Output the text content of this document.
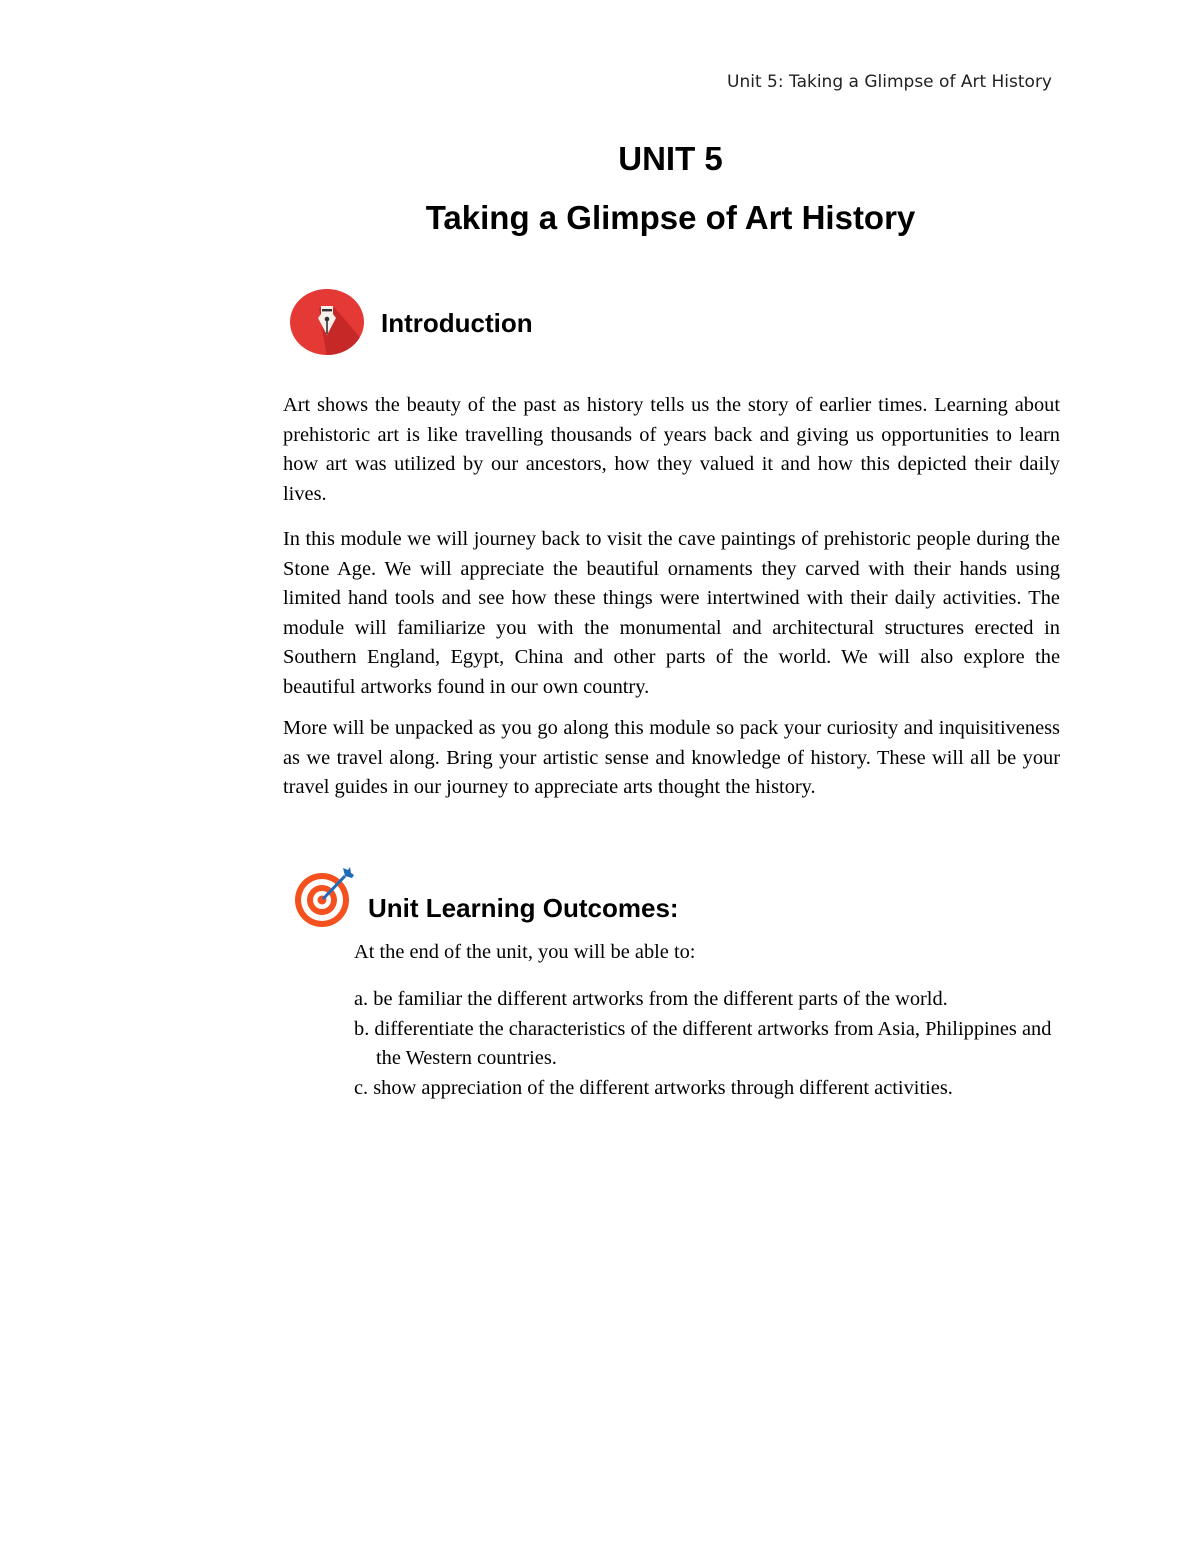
Unit 5: Taking a Glimpse of Art History
UNIT 5
Taking a Glimpse of Art History
Introduction

Art shows the beauty of the past as history tells us the story of earlier times. Learning about prehistoric art is like travelling thousands of years back and giving us opportunities to learn how art was utilized by our ancestors, how they valued it and how this depicted their daily lives.

In this module we will journey back to visit the cave paintings of prehistoric people during the Stone Age. We will appreciate the beautiful ornaments they carved with their hands using limited hand tools and see how these things were intertwined with their daily activities. The module will familiarize you with the monumental and architectural structures erected in Southern England, Egypt, China and other parts of the world. We will also explore the beautiful artworks found in our own country.

More will be unpacked as you go along this module so pack your curiosity and inquisitiveness as we travel along. Bring your artistic sense and knowledge of history. These will all be your travel guides in our journey to appreciate arts thought the history.

Unit Learning Outcomes:
At the end of the unit, you will be able to:
a. be familiar the different artworks from the different parts of the world.
b. differentiate the characteristics of the different artworks from Asia, Philippines and the Western countries.
c. show appreciation of the different artworks through different activities.
